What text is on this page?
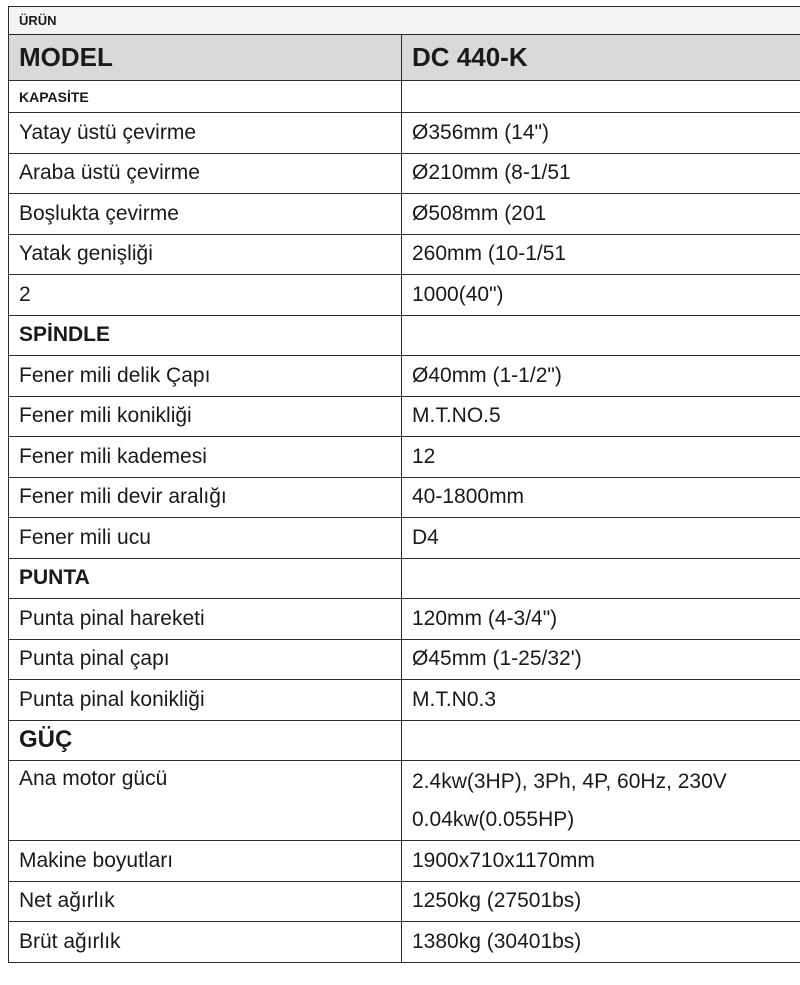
ÜRÜN	
MODEL	DC 440-K
KAPASİTE	
Yatay üstü çevirme	Ø356mm (14")
Araba üstü çevirme	Ø210mm (8-1/51
Boşlukta çevirme	Ø508mm (201
Yatak genişliği	260mm (10-1/51
2	1000(40")
SPİNDLE	
Fener mili delik Çapı	Ø40mm (1-1/2")
Fener mili konikliği	M.T.NO.5
Fener mili kademesi	12
Fener mili devir aralığı	40-1800mm
Fener mili ucu	D4
PUNTA	
Punta pinal hareketi	120mm (4-3/4")
Punta pinal çapı	Ø45mm (1-25/32')
Punta pinal konikliği	M.T.N0.3
GÜÇ	
Ana motor gücü	2.4kw(3HP), 3Ph, 4P, 60Hz, 230V
0.04kw(0.055HP)

Makine boyutları	1900x710x1170mm
Net ağırlık	1250kg (27501bs)
Brüt ağırlık	1380kg (30401bs)
